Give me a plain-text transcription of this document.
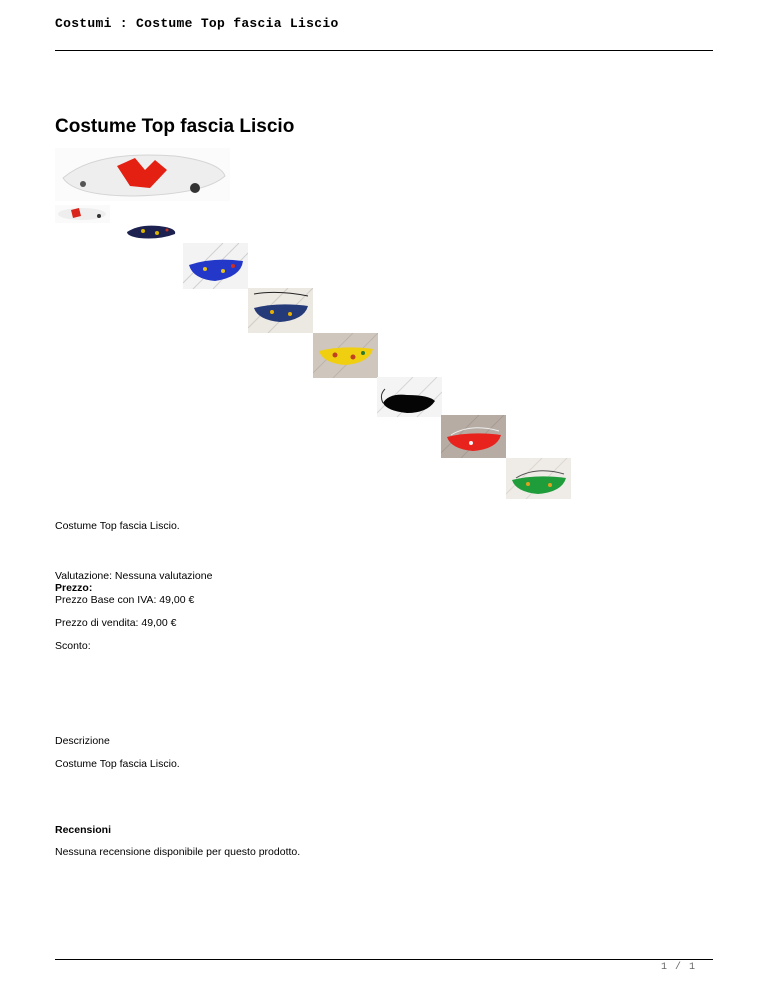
Costumi : Costume Top fascia Liscio
Costume Top fascia Liscio
Costume Top fascia Liscio.
Valutazione: Nessuna valutazione
Prezzo:
Prezzo Base con IVA: 49,00 €
Prezzo di vendita: 49,00 €
Sconto:
Descrizione
Costume Top fascia Liscio.
Recensioni
Nessuna recensione disponibile per questo prodotto.
1 / 1
